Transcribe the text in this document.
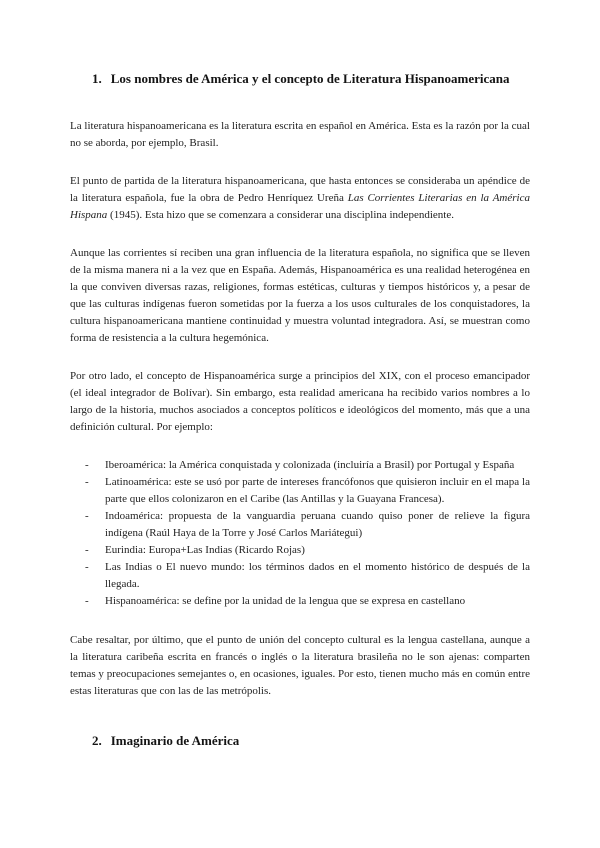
1. Los nombres de América y el concepto de Literatura Hispanoamericana

La literatura hispanoamericana es la literatura escrita en español en América. Esta es la razón por la cual no se aborda, por ejemplo, Brasil.

El punto de partida de la literatura hispanoamericana, que hasta entonces se consideraba un apéndice de la literatura española, fue la obra de Pedro Henríquez Ureña Las Corrientes Literarias en la América Hispana (1945). Esta hizo que se comenzara a considerar una disciplina independiente.

Aunque las corrientes sí reciben una gran influencia de la literatura española, no significa que se lleven de la misma manera ni a la vez que en España. Además, Hispanoamérica es una realidad heterogénea en la que conviven diversas razas, religiones, formas estéticas, culturas y tiempos históricos y, a pesar de que las culturas indígenas fueron sometidas por la fuerza a los usos culturales de los conquistadores, la cultura hispanoamericana mantiene continuidad y muestra voluntad integradora. Así, se muestran como forma de resistencia a la cultura hegemónica.

Por otro lado, el concepto de Hispanoamérica surge a principios del XIX, con el proceso emancipador (el ideal integrador de Bolívar). Sin embargo, esta realidad americana ha recibido varios nombres a lo largo de la historia, muchos asociados a conceptos políticos e ideológicos del momento, más que a una definición cultural. Por ejemplo:

-	Iberoamérica: la América conquistada y colonizada (incluiría a Brasil) por Portugal y España
-	Latinoamérica: este se usó por parte de intereses francófonos que quisieron incluir en el mapa la parte que ellos colonizaron en el Caribe (las Antillas y la Guayana Francesa).
-	Indoamérica: propuesta de la vanguardia peruana cuando quiso poner de relieve la figura indígena (Raúl Haya de la Torre y José Carlos Mariátegui)
-	Eurindia: Europa+Las Indias (Ricardo Rojas)
-	Las Indias o El nuevo mundo: los términos dados en el momento histórico de después de la llegada.
-	Hispanoamérica: se define por la unidad de la lengua que se expresa en castellano

Cabe resaltar, por último, que el punto de unión del concepto cultural es la lengua castellana, aunque a la literatura caribeña escrita en francés o inglés o la literatura brasileña no le son ajenas: comparten temas y preocupaciones semejantes o, en ocasiones, iguales. Por esto, tienen mucho más en común entre estas literaturas que con las de las metrópolis.

2. Imaginario de América
